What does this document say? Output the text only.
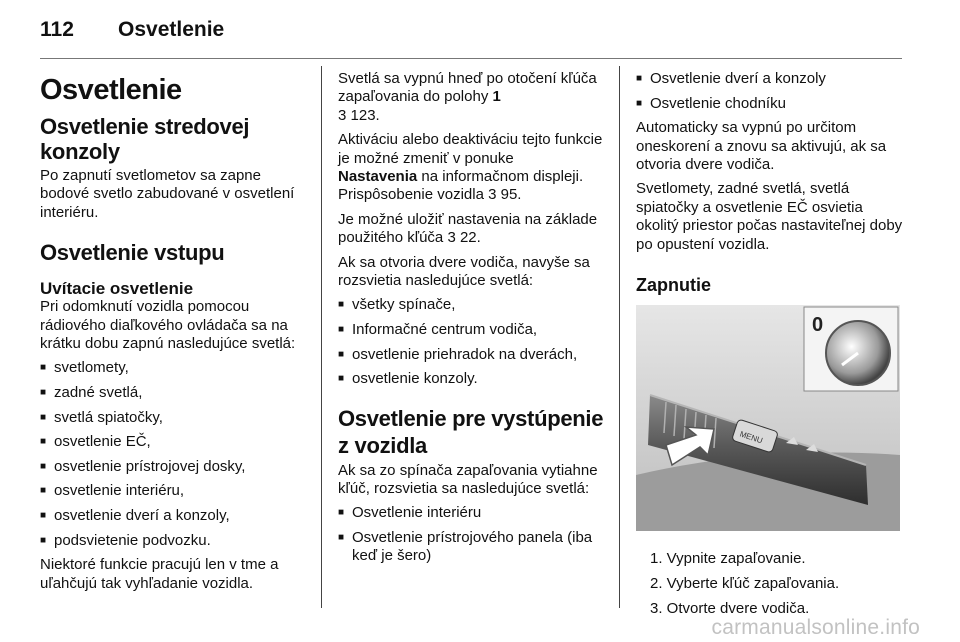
112 Osvetlenie
Osvetlenie
Osvetlenie stredovej konzoly

Po zapnutí svetlometov sa zapne bodové svetlo zabudované v osvetlení interiéru.

Osvetlenie vstupu
Uvítacie osvetlenie

Pri odomknutí vozidla pomocou rádiového diaľkového ovládača sa na krátku dobu zapnú nasledujúce svetlá:

■ svetlomety,
■ zadné svetlá,
■ svetlá spiatočky,
■ osvetlenie EČ,
■ osvetlenie prístrojovej dosky,
■ osvetlenie interiéru,
■ osvetlenie dverí a konzoly,
■ podsvietenie podvozku.

Niektoré funkcie pracujú len v tme a uľahčujú tak vyhľadanie vozidla.

Svetlá sa vypnú hneď po otočení kľúča zapaľovania do polohy 1
3 123.

Aktiváciu alebo deaktiváciu tejto funkcie je možné zmeniť v ponuke
Nastavenia na informačnom displeji. Prispôsobenie vozidla 3 95.

Je možné uložiť nastavenia na základe použitého kľúča 3 22.

Ak sa otvoria dvere vodiča, navyše sa rozsvietia nasledujúce svetlá:

■ všetky spínače,
■ Informačné centrum vodiča,
■ osvetlenie priehradok na dverách,
■ osvetlenie konzoly.
Osvetlenie pre vystúpenie z vozidla

Ak sa zo spínača zapaľovania vytiahne kľúč, rozsvietia sa nasledujúce svetlá:

■ Osvetlenie interiéru
■ Osvetlenie prístrojového panela (iba keď je šero)
■ Osvetlenie dverí a konzoly
■ Osvetlenie chodníku

Automaticky sa vypnú po určitom oneskorení a znovu sa aktivujú, ak sa otvoria dvere vodiča.

Svetlomety, zadné svetlá, svetlá spiatočky a osvetlenie EČ osvietia okolitý priestor počas nastaviteľnej doby po opustení vozidla.

Zapnutie
MENU
0
1. Vypnite zapaľovanie.
2. Vyberte kľúč zapaľovania.
3. Otvorte dvere vodiča.
carmanualsonline.info
